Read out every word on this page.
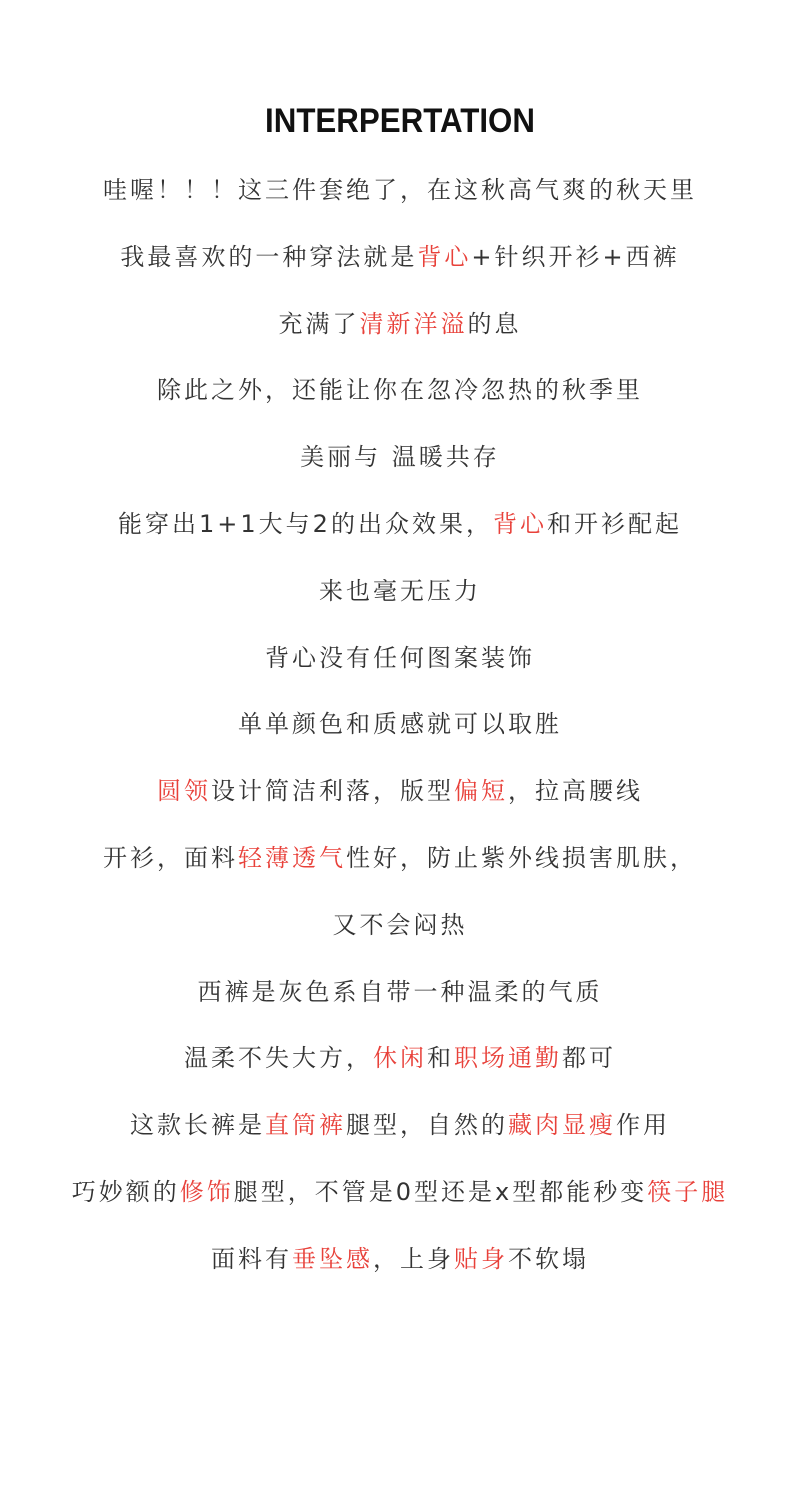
INTERPERTATION
哇喔！！！这三件套绝了，在这秋高气爽的秋天里
我最喜欢的一种穿法就是背心+针织开衫+西裤
充满了清新洋溢的息
除此之外，还能让你在忽冷忽热的秋季里
美丽与 温暖共存
能穿出1+1大与2的出众效果，背心和开衫配起
来也毫无压力
背心没有任何图案装饰
单单颜色和质感就可以取胜
圆领设计简洁利落，版型偏短，拉高腰线
开衫，面料轻薄透气性好，防止紫外线损害肌肤，
又不会闷热
西裤是灰色系自带一种温柔的气质
温柔不失大方，休闲和职场通勤都可
这款长裤是直筒裤腿型，自然的藏肉显瘦作用
巧妙额的修饰腿型，不管是0型还是x型都能秒变筷子腿
面料有垂坠感，上身贴身不软塌
